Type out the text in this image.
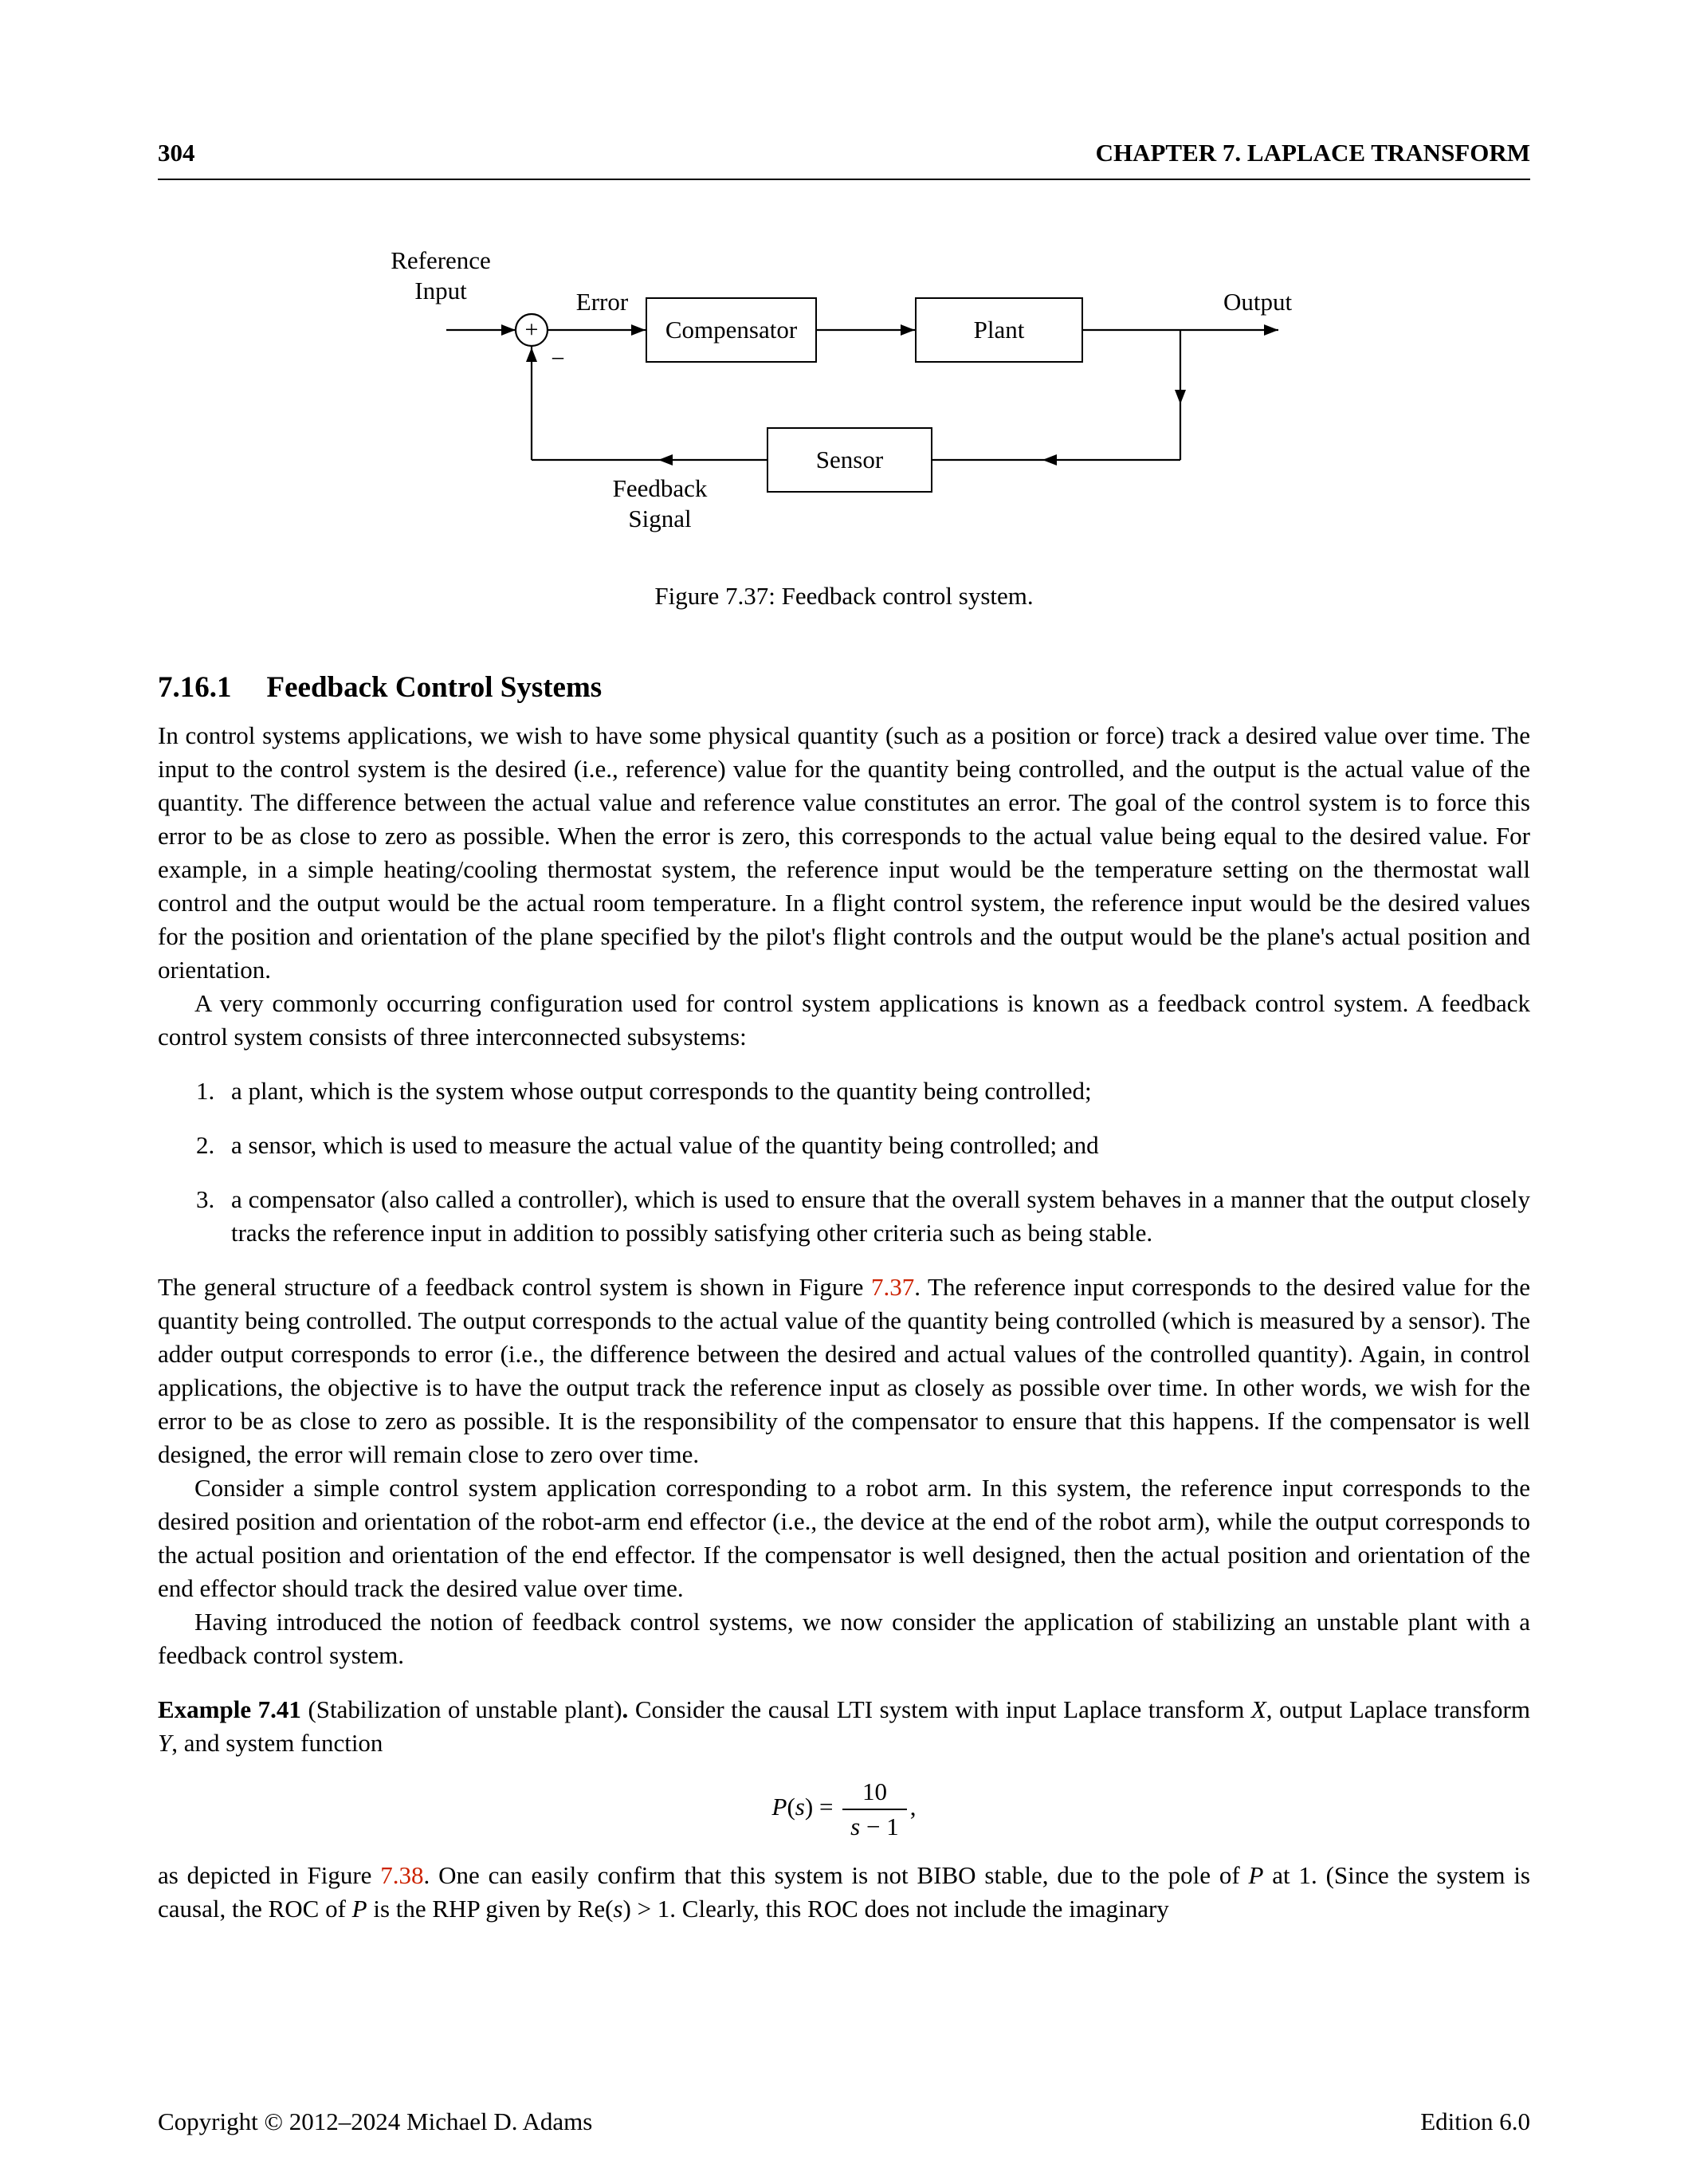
304	CHAPTER 7. LAPLACE TRANSFORM
Reference
Input
+
−
Error
Compensator	Plant
Output
Sensor
Feedback
Signal
Figure 7.37: Feedback control system.
7.16.1 Feedback Control Systems

In control systems applications, we wish to have some physical quantity (such as a position or force) track a desired value over time. The input to the control system is the desired (i.e., reference) value for the quantity being controlled, and the output is the actual value of the quantity. The difference between the actual value and reference value constitutes an error. The goal of the control system is to force this error to be as close to zero as possible. When the error is zero, this corresponds to the actual value being equal to the desired value. For example, in a simple heating/cooling thermostat system, the reference input would be the temperature setting on the thermostat wall control and the output would be the actual room temperature. In a flight control system, the reference input would be the desired values for the position and orientation of the plane specified by the pilot's flight controls and the output would be the plane's actual position and orientation.

A very commonly occurring configuration used for control system applications is known as a feedback control system. A feedback control system consists of three interconnected subsystems:

1. a plant, which is the system whose output corresponds to the quantity being controlled;
2. a sensor, which is used to measure the actual value of the quantity being controlled; and
3. a compensator (also called a controller), which is used to ensure that the overall system behaves in a manner that the output closely tracks the reference input in addition to possibly satisfying other criteria such as being stable.

The general structure of a feedback control system is shown in Figure 7.37. The reference input corresponds to the desired value for the quantity being controlled. The output corresponds to the actual value of the quantity being controlled (which is measured by a sensor). The adder output corresponds to error (i.e., the difference between the desired and actual values of the controlled quantity). Again, in control applications, the objective is to have the output track the reference input as closely as possible over time. In other words, we wish for the error to be as close to zero as possible. It is the responsibility of the compensator to ensure that this happens. If the compensator is well designed, the error will remain close to zero over time.

Consider a simple control system application corresponding to a robot arm. In this system, the reference input corresponds to the desired position and orientation of the robot-arm end effector (i.e., the device at the end of the robot arm), while the output corresponds to the actual position and orientation of the end effector. If the compensator is well designed, then the actual position and orientation of the end effector should track the desired value over time.

Having introduced the notion of feedback control systems, we now consider the application of stabilizing an unstable plant with a feedback control system.

Example 7.41 (Stabilization of unstable plant). Consider the causal LTI system with input Laplace transform X, output Laplace transform Y, and system function

$P(s) = \frac{10}{s - 1}$ ,

as depicted in Figure 7.38. One can easily confirm that this system is not BIBO stable, due to the pole of P at 1. (Since the system is causal, the ROC of P is the RHP given by Re(s) > 1. Clearly, this ROC does not include the imaginary

Copyright © 2012–2024 Michael D. Adams	Edition 6.0
